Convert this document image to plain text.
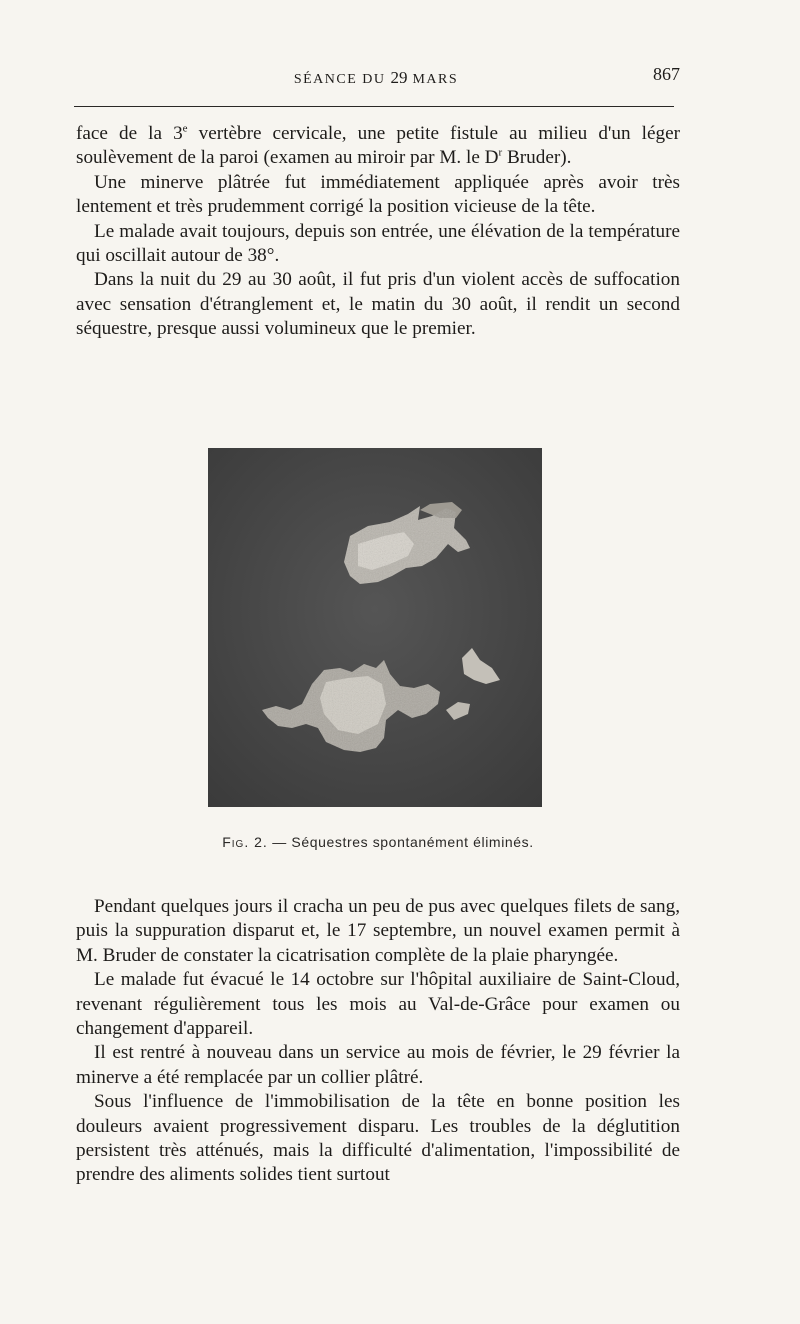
SÉANCE DU 29 MARS	867

face de la 3e vertèbre cervicale, une petite fistule au milieu d'un léger soulèvement de la paroi (examen au miroir par M. le $D^r$ Bruder).

Une minerve plâtrée fut immédiatement appliquée après avoir très lentement et très prudemment corrigé la position vicieuse de la tête.

Le malade avait toujours, depuis son entrée, une élévation de la température qui oscillait autour de 38°.

Dans la nuit du 29 au 30 août, il fut pris d'un violent accès de suffocation avec sensation d'étranglement et, le matin du 30 août, il rendit un second séquestre, presque aussi volumineux que le premier.

Fig. 2. — Séquestres spontanément éliminés.

Pendant quelques jours il cracha un peu de pus avec quelques filets de sang, puis la suppuration disparut et, le 17 septembre, un nouvel examen permit à M. Bruder de constater la cicatrisation complète de la plaie pharyngée.

Le malade fut évacué le 14 octobre sur l'hôpital auxiliaire de Saint-Cloud, revenant régulièrement tous les mois au Val-de-Grâce pour examen ou changement d'appareil.

Il est rentré à nouveau dans un service au mois de février, le 29 février la minerve a été remplacée par un collier plâtré.

Sous l'influence de l'immobilisation de la tête en bonne position les douleurs avaient progressivement disparu. Les troubles de la déglutition persistent très atténués, mais la difficulté d'alimentation, l'impossibilité de prendre des aliments solides tient surtout
